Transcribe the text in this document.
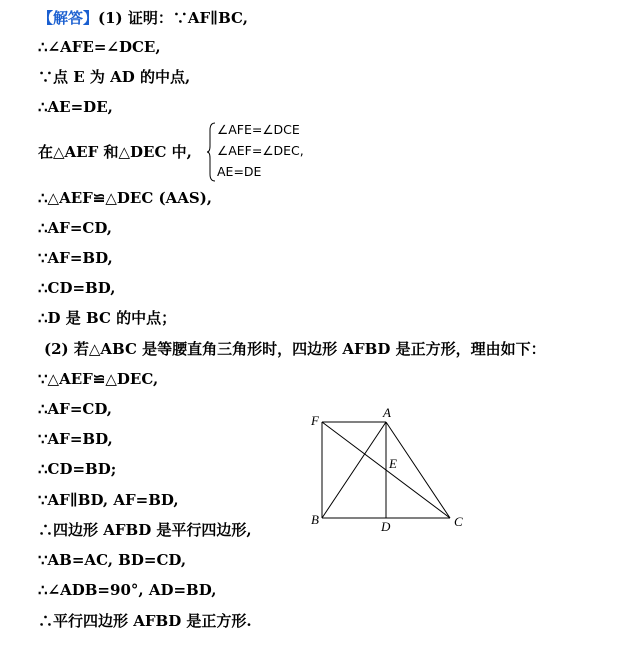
【解答】(1) 证明：∵AF∥BC,
∴∠AFE=∠DCE,
∵点 E 为 AD 的中点,
∴AE=DE,
在△AEF 和△DEC 中,
∠AFE=∠DCE
∠AEF=∠DEC,
AE=DE
∴△AEF≌△DEC (AAS),
∴AF=CD,
∵AF=BD,
∴CD=BD,
∴D 是 BC 的中点；
(2) 若△ABC 是等腰直角三角形时，四边形 AFBD 是正方形，理由如下：
∵△AEF≌△DEC,
∴AF=CD,
∵AF=BD,
∴CD=BD;
∵AF∥BD, AF=BD,
∴四边形 AFBD 是平行四边形,
∵AB=AC, BD=CD,
∴∠ADB=90°, AD=BD,
∴平行四边形 AFBD 是正方形.
F
A
E
B	D	C
